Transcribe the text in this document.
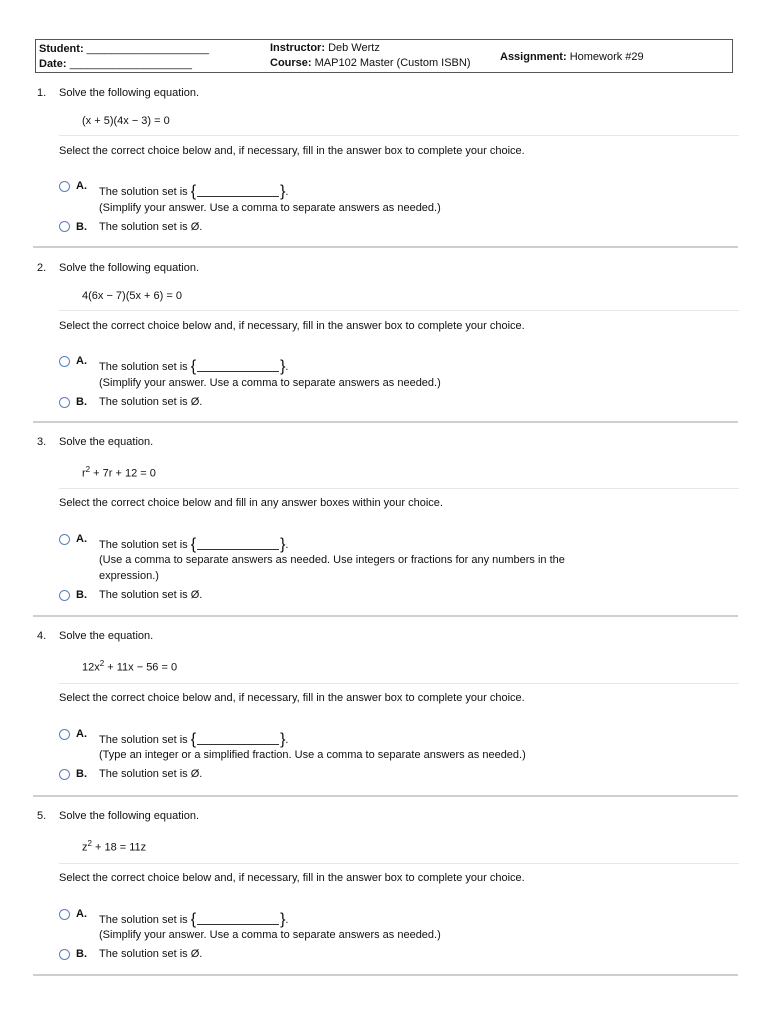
Student: ____________________
Date: ____________________
Instructor: Deb Wertz
Course: MAP102 Master (Custom ISBN)	Assignment: Homework #29
1. Solve the following equation.
(x + 5)(4x − 3) = 0
Select the correct choice below and, if necessary, fill in the answer box to complete your choice.
A. The solution set is {	}.
(Simplify your answer. Use a comma to separate answers as needed.)
B. The solution set is Ø.
2. Solve the following equation.
4(6x − 7)(5x + 6) = 0
Select the correct choice below and, if necessary, fill in the answer box to complete your choice.
A. The solution set is {	}.
(Simplify your answer. Use a comma to separate answers as needed.)
B. The solution set is Ø.
3. Solve the equation.
$r^2 + 7r + 12 = 0$
Select the correct choice below and fill in any answer boxes within your choice.
A. The solution set is {	}.
(Use a comma to separate answers as needed. Use integers or fractions for any numbers in the
expression.)
B. The solution set is Ø.
4. Solve the equation.
$12x^2 + 11x - 56 = 0$
Select the correct choice below and, if necessary, fill in the answer box to complete your choice.
A. The solution set is {	}.
(Type an integer or a simplified fraction. Use a comma to separate answers as needed.)
B. The solution set is Ø.
5. Solve the following equation.
$z^2 + 18 = 11z$
Select the correct choice below and, if necessary, fill in the answer box to complete your choice.
A. The solution set is {	}.
(Simplify your answer. Use a comma to separate answers as needed.)
B. The solution set is Ø.
